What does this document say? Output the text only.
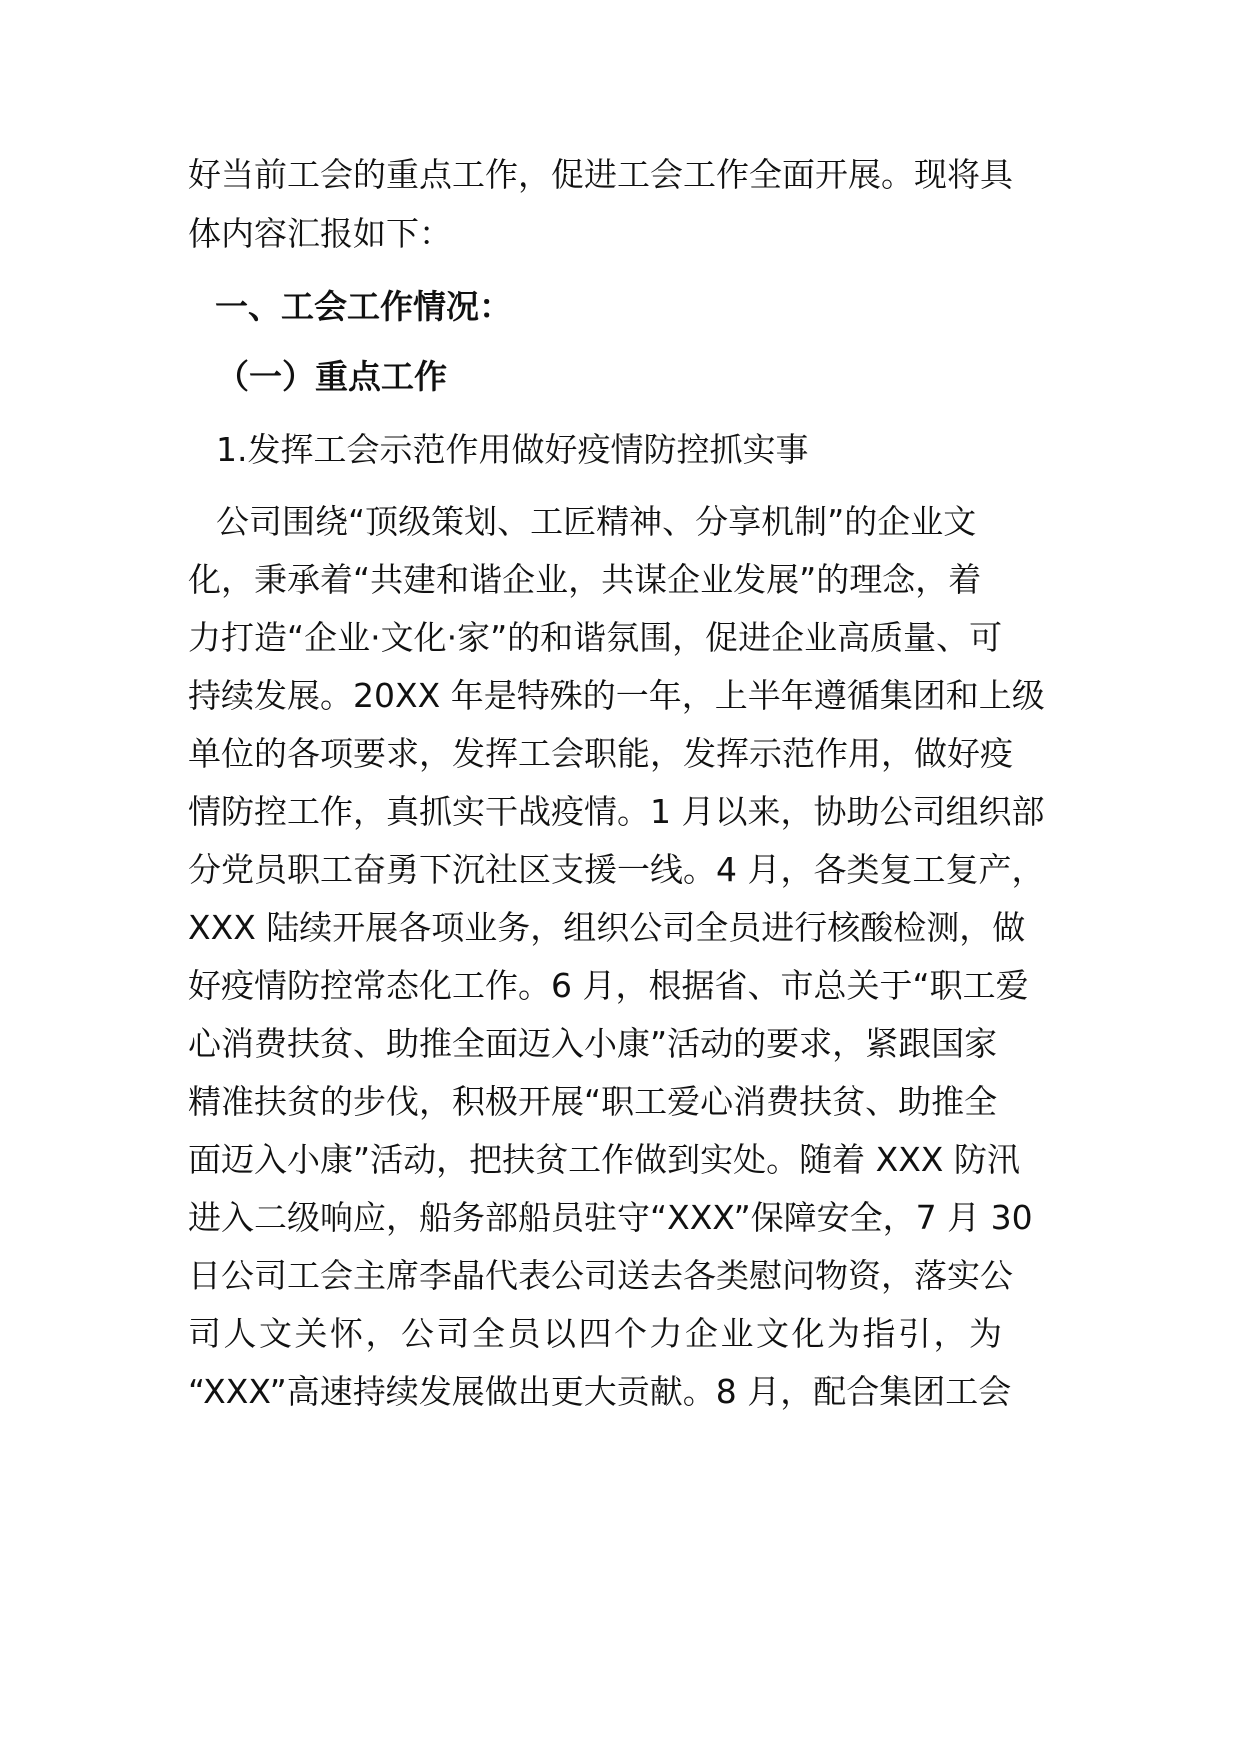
好当前工会的重点工作，促进工会工作全面开展。现将具
体内容汇报如下：
一、工会工作情况：
（一）重点工作
1.发挥工会示范作用做好疫情防控抓实事
公司围绕“顶级策划、工匠精神、分享机制”的企业文
化，秉承着“共建和谐企业，共谋企业发展”的理念，着
力打造“企业·文化·家”的和谐氛围，促进企业高质量、可
持续发展。20XX 年是特殊的一年，上半年遵循集团和上级
单位的各项要求，发挥工会职能，发挥示范作用，做好疫
情防控工作，真抓实干战疫情。1 月以来，协助公司组织部
分党员职工奋勇下沉社区支援一线。4 月，各类复工复产，
XXX 陆续开展各项业务，组织公司全员进行核酸检测，做
好疫情防控常态化工作。6 月，根据省、市总关于“职工爱
心消费扶贫、助推全面迈入小康”活动的要求，紧跟国家
精准扶贫的步伐，积极开展“职工爱心消费扶贫、助推全
面迈入小康”活动，把扶贫工作做到实处。随着 XXX 防汛
进入二级响应，船务部船员驻守“XXX”保障安全，7 月 30
日公司工会主席李晶代表公司送去各类慰问物资，落实公
司人文关怀，公司全员以四个力企业文化为指引，为
“XXX”高速持续发展做出更大贡献。8 月，配合集团工会
